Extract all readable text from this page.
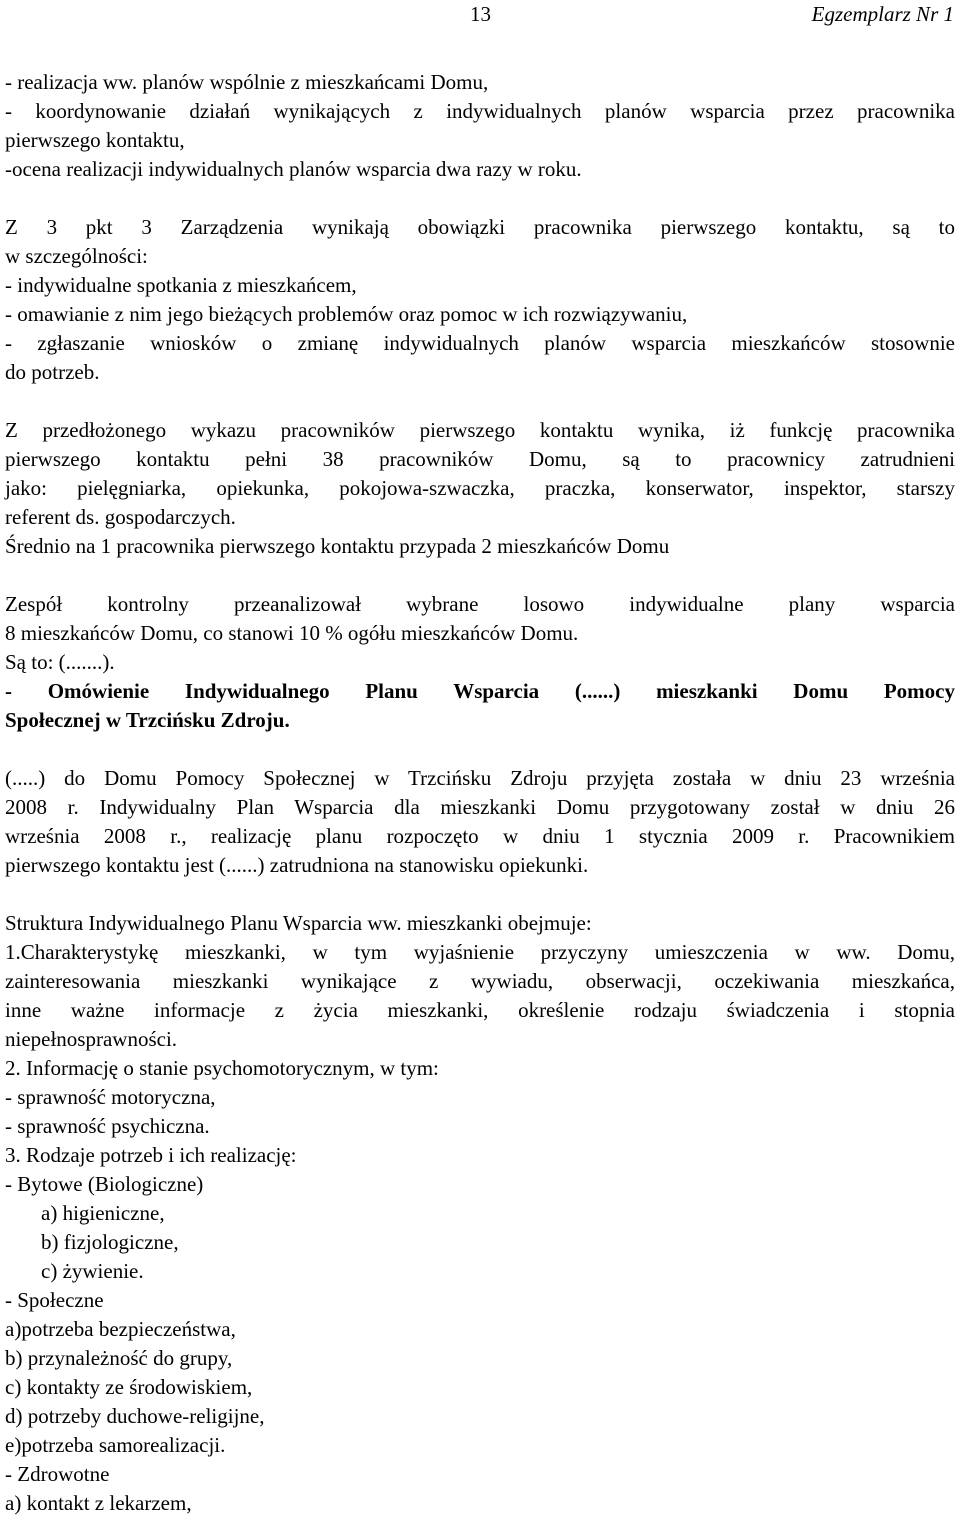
13	Egzemplarz Nr 1

- realizacja ww. planów wspólnie z mieszkańcami Domu,

- koordynowanie działań wynikających z indywidualnych planów wsparcia przez pracownika

pierwszego kontaktu,

-ocena realizacji indywidualnych planów wsparcia dwa razy w roku.

Z 3 pkt 3 Zarządzenia wynikają obowiązki pracownika pierwszego kontaktu, są to

w szczególności:

- indywidualne spotkania z mieszkańcem,

- omawianie z nim jego bieżących problemów oraz pomoc w ich rozwiązywaniu,

- zgłaszanie wniosków o zmianę indywidualnych planów wsparcia mieszkańców stosownie

do potrzeb.

Z przedłożonego wykazu pracowników pierwszego kontaktu wynika, iż funkcję pracownika

pierwszego kontaktu pełni 38 pracowników Domu, są to pracownicy zatrudnieni

jako: pielęgniarka, opiekunka, pokojowa-szwaczka, praczka, konserwator, inspektor, starszy

referent ds. gospodarczych.

Średnio na 1 pracownika pierwszego kontaktu przypada 2 mieszkańców Domu

Zespół kontrolny przeanalizował wybrane losowo indywidualne plany wsparcia

8 mieszkańców Domu, co stanowi 10 % ogółu mieszkańców Domu.

Są to: (.......).

- Omówienie Indywidualnego Planu Wsparcia (......) mieszkanki Domu Pomocy

Społecznej w Trzcińsku Zdroju.

(.....) do Domu Pomocy Społecznej w Trzcińsku Zdroju przyjęta została w dniu 23 września

2008 r. Indywidualny Plan Wsparcia dla mieszkanki Domu przygotowany został w dniu 26

września 2008 r., realizację planu rozpoczęto w dniu 1 stycznia 2009 r. Pracownikiem

pierwszego kontaktu jest (......) zatrudniona na stanowisku opiekunki.

Struktura Indywidualnego Planu Wsparcia ww. mieszkanki obejmuje:

1.Charakterystykę mieszkanki, w tym wyjaśnienie przyczyny umieszczenia w ww. Domu,

zainteresowania mieszkanki wynikające z wywiadu, obserwacji, oczekiwania mieszkańca,

inne ważne informacje z życia mieszkanki, określenie rodzaju świadczenia i stopnia

niepełnosprawności.

2. Informację o stanie psychomotorycznym, w tym:

- sprawność motoryczna,

- sprawność psychiczna.

3. Rodzaje potrzeb i ich realizację:

- Bytowe (Biologiczne)

a) higieniczne,

b) fizjologiczne,

c) żywienie.

- Społeczne

a)potrzeba bezpieczeństwa,

b) przynależność do grupy,

c) kontakty ze środowiskiem,

d) potrzeby duchowe-religijne,

e)potrzeba samorealizacji.

- Zdrowotne

a) kontakt z lekarzem,
